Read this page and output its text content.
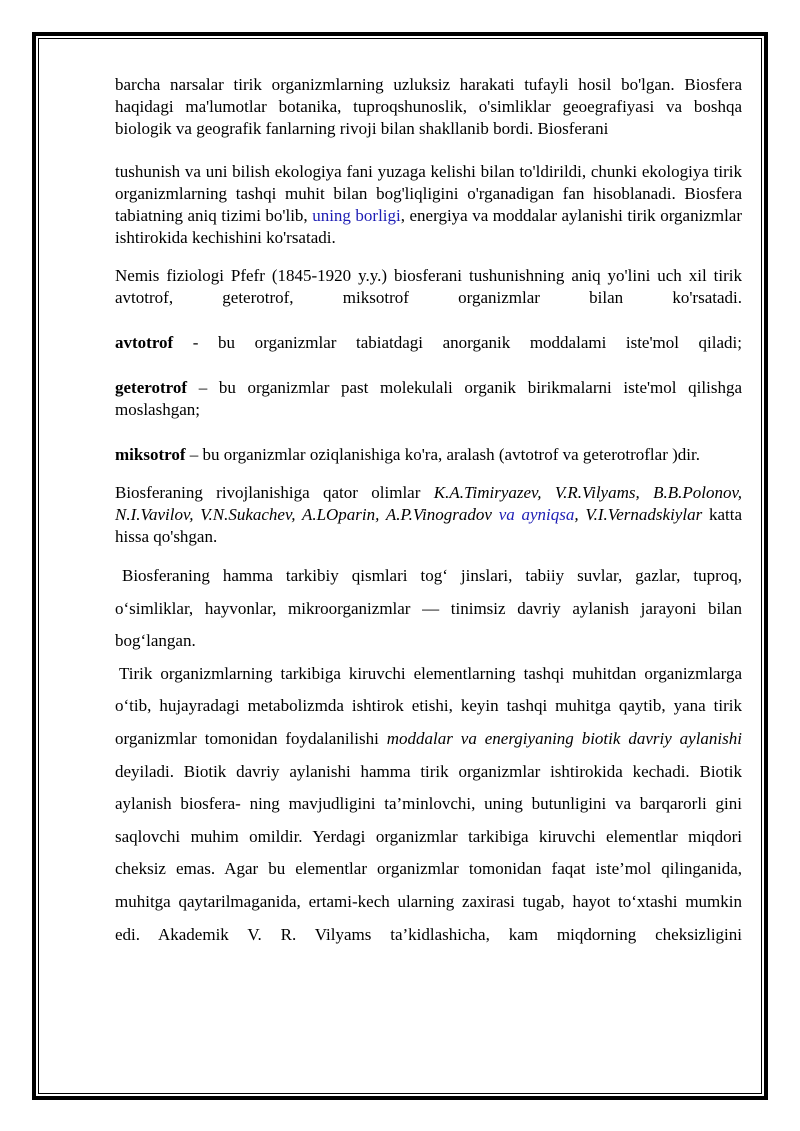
barcha narsalar tirik organizmlarning uzluksiz harakati tufayli hosil bo'lgan. Biosfera haqidagi ma'lumotlar botanika, tuproqshunoslik, o'simliklar geoegrafiyasi va boshqa biologik va geografik fanlarning rivoji bilan shakllanib bordi. Biosferani

tushunish va uni bilish ekologiya fani yuzaga kelishi bilan to'ldirildi, chunki ekologiya tirik organizmlarning tashqi muhit bilan bog'liqligini o'rganadigan fan hisoblanadi. Biosfera tabiatning aniq tizimi bo'lib, uning borligi, energiya va moddalar aylanishi tirik organizmlar ishtirokida kechishini ko'rsatadi.

Nemis fiziologi Pfefr (1845-1920 y.y.) biosferani tushunishning aniq yo'lini uch xil tirik avtotrof, geterotrof, miksotrof organizmlar bilan ko'rsatadi.

avtotrof - bu organizmlar tabiatdagi anorganik moddalami iste'mol qiladi;

geterotrof – bu organizmlar past molekulali organik birikmalarni iste'mol qilishga moslashgan;

miksotrof – bu organizmlar oziqlanishiga ko'ra, aralash (avtotrof va geterotroflar )dir.

Biosferaning rivojlanishiga qator olimlar K.A.Timiryazev, V.R.Vilyams, B.B.Polonov, N.I.Vavilov, V.N.Sukachev, A.LOparin, A.P.Vinogradov va ayniqsa, V.I.Vernadskiylar katta hissa qo'shgan.

Biosferaning hamma tarkibiy qismlari tog‘ jinslari, tabiiy suvlar, gazlar, tuproq, o‘simliklar, hayvonlar, mikroorganizmlar — tinimsiz davriy aylanish jarayoni bilan bog‘langan.

Tirik organizmlarning tarkibiga kiruvchi elementlarning tashqi muhitdan organizmlarga o‘tib, hujayradagi metabolizmda ishtirok etishi, keyin tashqi muhitga qaytib, yana tirik organizmlar tomonidan foydalanilishi moddalar va energiyaning biotik davriy aylanishi deyiladi. Biotik davriy aylanishi hamma tirik organizmlar ishtirokida kechadi. Biotik aylanish biosfera- ning mavjudligini ta’minlovchi, uning butunligini va barqarorli gini saqlovchi muhim omildir. Yerdagi organizmlar tarkibiga kiruvchi elementlar miqdori cheksiz emas. Agar bu elementlar organizmlar tomonidan faqat iste’mol qilinganida, muhitga qaytarilmaganida, ertami-kech ularning zaxirasi tugab, hayot to‘xtashi mumkin edi. Akademik V. R. Vilyams ta’kidlashicha, kam miqdorning cheksizligini
